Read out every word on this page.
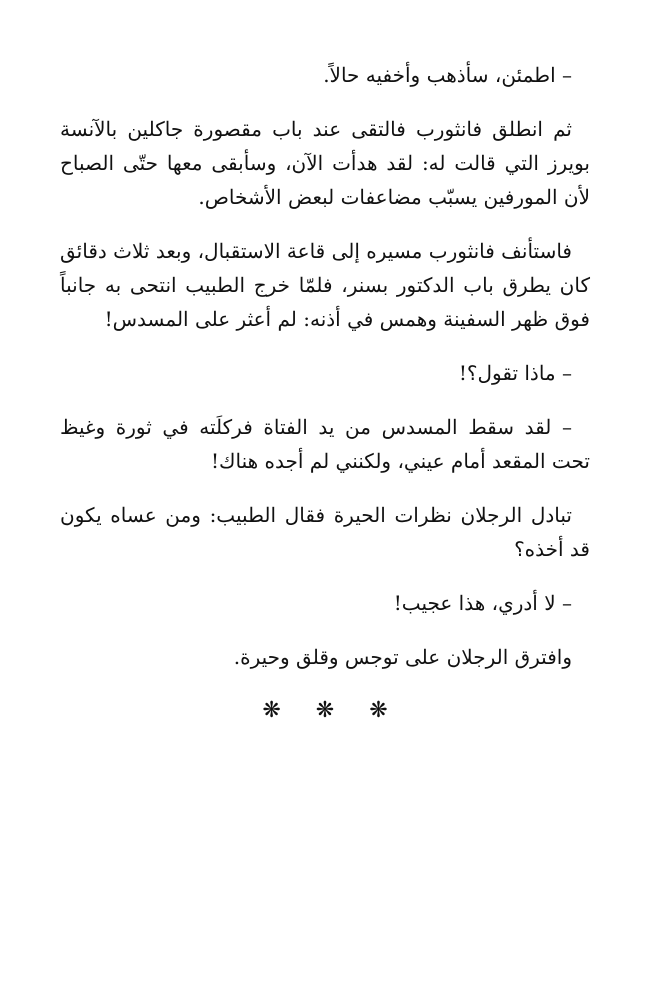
– اطمئن، سأذهب وأخفيه حالاً.

ثم انطلق فانثورب فالتقى عند باب مقصورة جاكلين بالآنسة بويرز التي قالت له: لقد هدأت الآن، وسأبقى معها حتّى الصباح لأن المورفين يسبّب مضاعفات لبعض الأشخاص.

فاستأنف فانثورب مسيره إلى قاعة الاستقبال، وبعد ثلاث دقائق كان يطرق باب الدكتور بسنر، فلمّا خرج الطبيب انتحى به جانباً فوق ظهر السفينة وهمس في أذنه: لم أعثر على المسدس!

– ماذا تقول؟!

– لقد سقط المسدس من يد الفتاة فركلَته في ثورة وغيظ تحت المقعد أمام عيني، ولكنني لم أجده هناك!

تبادل الرجلان نظرات الحيرة فقال الطبيب: ومن عساه يكون قد أخذه؟

– لا أدري، هذا عجيب!

وافترق الرجلان على توجس وقلق وحيرة.

❋ ❋ ❋
